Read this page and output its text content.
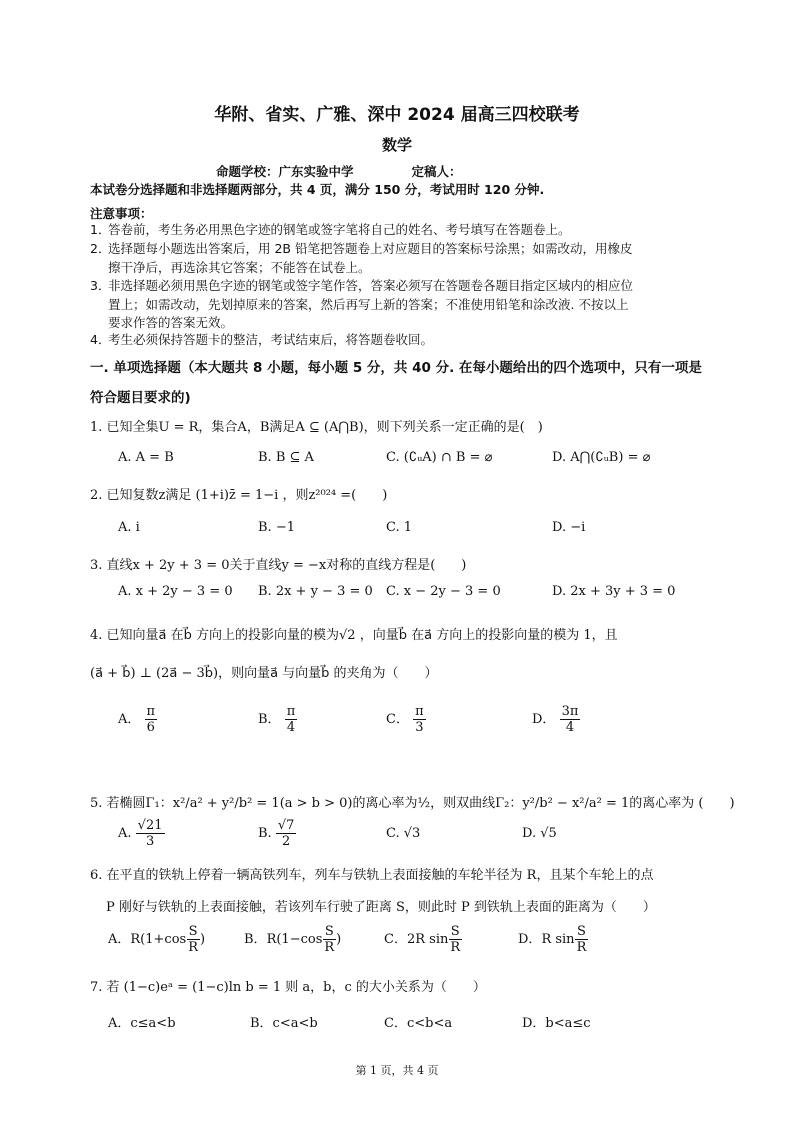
华附、省实、广雅、深中 2024 届高三四校联考
数学
命题学校：广东实验中学	定稿人：
本试卷分选择题和非选择题两部分，共 4 页，满分 150 分，考试用时 120 分钟.
注意事项：
1．答卷前，考生务必用黑色字迹的钢笔或签字笔将自己的姓名、考号填写在答题卷上。
2．选择题每小题选出答案后，用 2B 铅笔把答题卷上对应题目的答案标号涂黑；如需改动，用橡皮
擦干净后，再选涂其它答案；不能答在试卷上。
3．非选择题必须用黑色字迹的钢笔或签字笔作答，答案必须写在答题卷各题目指定区域内的相应位
置上；如需改动，先划掉原来的答案，然后再写上新的答案；不准使用铅笔和涂改液. 不按以上
要求作答的答案无效。
4．考生必须保持答题卡的整洁，考试结束后，将答题卷收回。
一. 单项选择题（本大题共 8 小题，每小题 5 分，共 40 分. 在每小题给出的四个选项中，只有一项是
符合题目要求的)
1. 已知全集U = R，集合A，B满足A ⊆ (A⋂B)，则下列关系一定正确的是(　)
A. A = B	B. B ⊆ A	C. (∁ᵤA) ∩ B = ⌀	D. A⋂(∁ᵤB) = ⌀
2. 已知复数z满足 (1+i)z̄ = 1−i ，则z²⁰²⁴ =(　　)
A. i	B. −1	C. 1	D. −i
3. 直线x + 2y + 3 = 0关于直线y = −x对称的直线方程是(　　)
A. x + 2y − 3 = 0 B. 2x + y − 3 = 0 C. x − 2y − 3 = 0	D. 2x + 3y + 3 = 0
4. 已知向量a⃗ 在b⃗ 方向上的投影向量的模为√2 ，向量b⃗ 在a⃗ 方向上的投影向量的模为 1，且
(a⃗ + b⃗) ⊥ (2a⃗ − 3b⃗)，则向量a⃗ 与向量b⃗ 的夹角为（　　）
A． $\frac{\pi}{6}$	B． $\frac{\pi}{4}$	C． $\frac{\pi}{3}$	D． $\frac{3\pi}{4}$
5. 若椭圆Γ₁：x²/a² + y²/b² = 1(a > b > 0)的离心率为½，则双曲线Γ₂：y²/b² − x²/a² = 1的离心率为 (　　)
A. $\frac{√21}{3}$	B. $\frac{√7}{2}$	C. √3	D. √5
6. 在平直的铁轨上停着一辆高铁列车，列车与铁轨上表面接触的车轮半径为 R，且某个车轮上的点
P 刚好与铁轨的上表面接触，若该列车行驶了距离 S，则此时 P 到铁轨上表面的距离为（　　）
A．$R(1+\cos \frac{S}{R}$ )	B．$R(1-\cos \frac{S}{R}$ )	C．2R $\sin \frac{S}{R}$	D．R $\sin \frac{S}{R}$
7. 若 (1−c)eᵃ = (1−c)ln b = 1 则 a，b，c 的大小关系为（　　）
A．c≤a<b	B．c<a<b	C．c<b<a	D．b<a≤c
第 1 页，共 4 页
